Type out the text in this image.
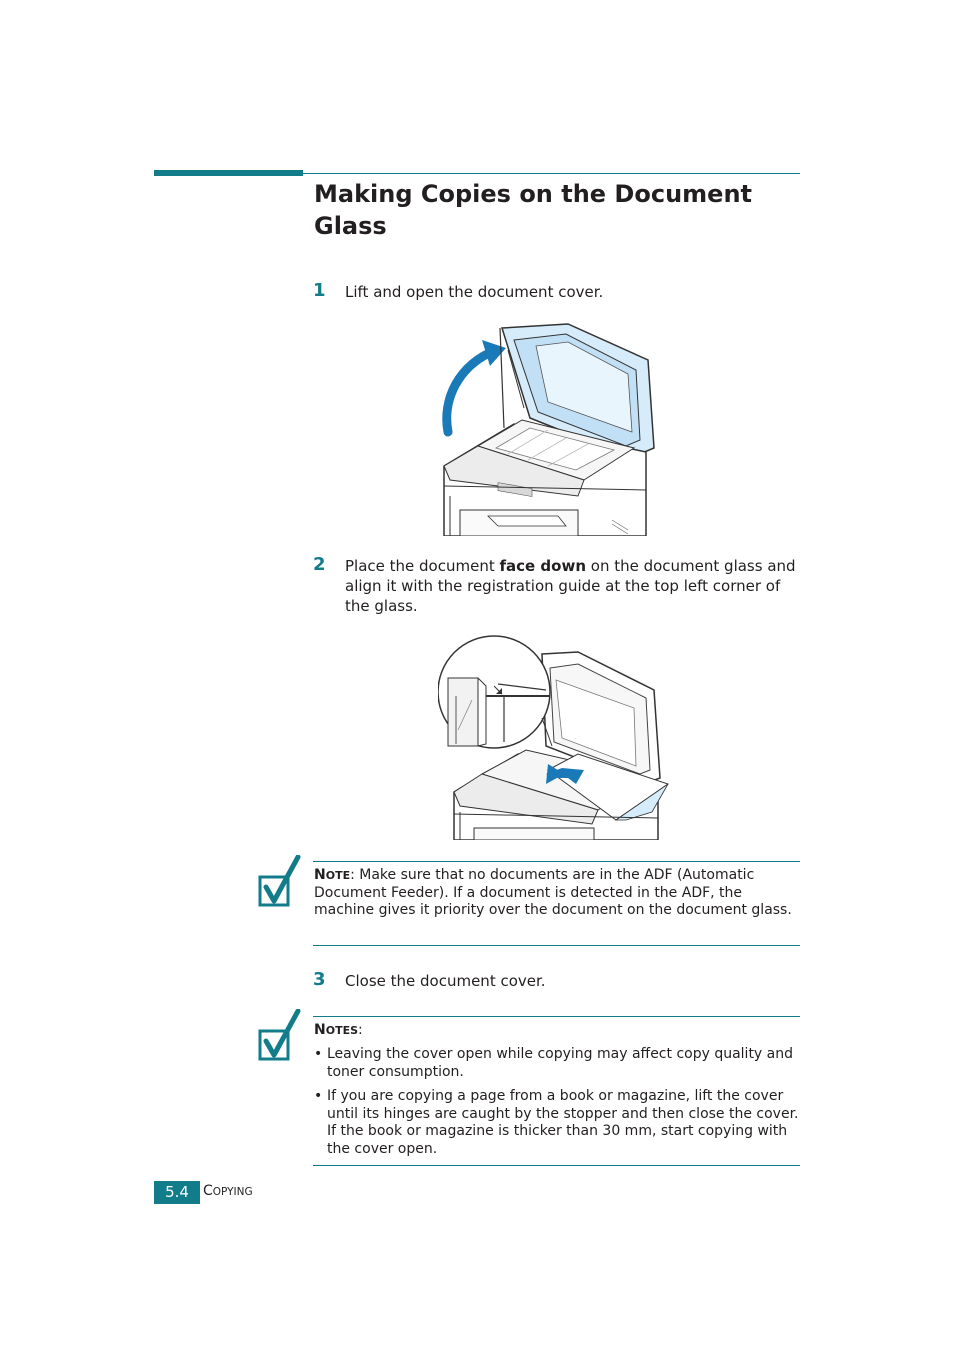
Making Copies on the Document Glass
1 Lift and open the document cover.
2 Place the document face down on the document glass and align it with the registration guide at the top left corner of the glass.
NOTE: Make sure that no documents are in the ADF (Automatic Document Feeder). If a document is detected in the ADF, the machine gives it priority over the document on the document glass.
3 Close the document cover.
NOTES:
• Leaving the cover open while copying may affect copy quality and toner consumption.
• If you are copying a page from a book or magazine, lift the cover until its hinges are caught by the stopper and then close the cover. If the book or magazine is thicker than 30 mm, start copying with the cover open.
5.4	COPYING
